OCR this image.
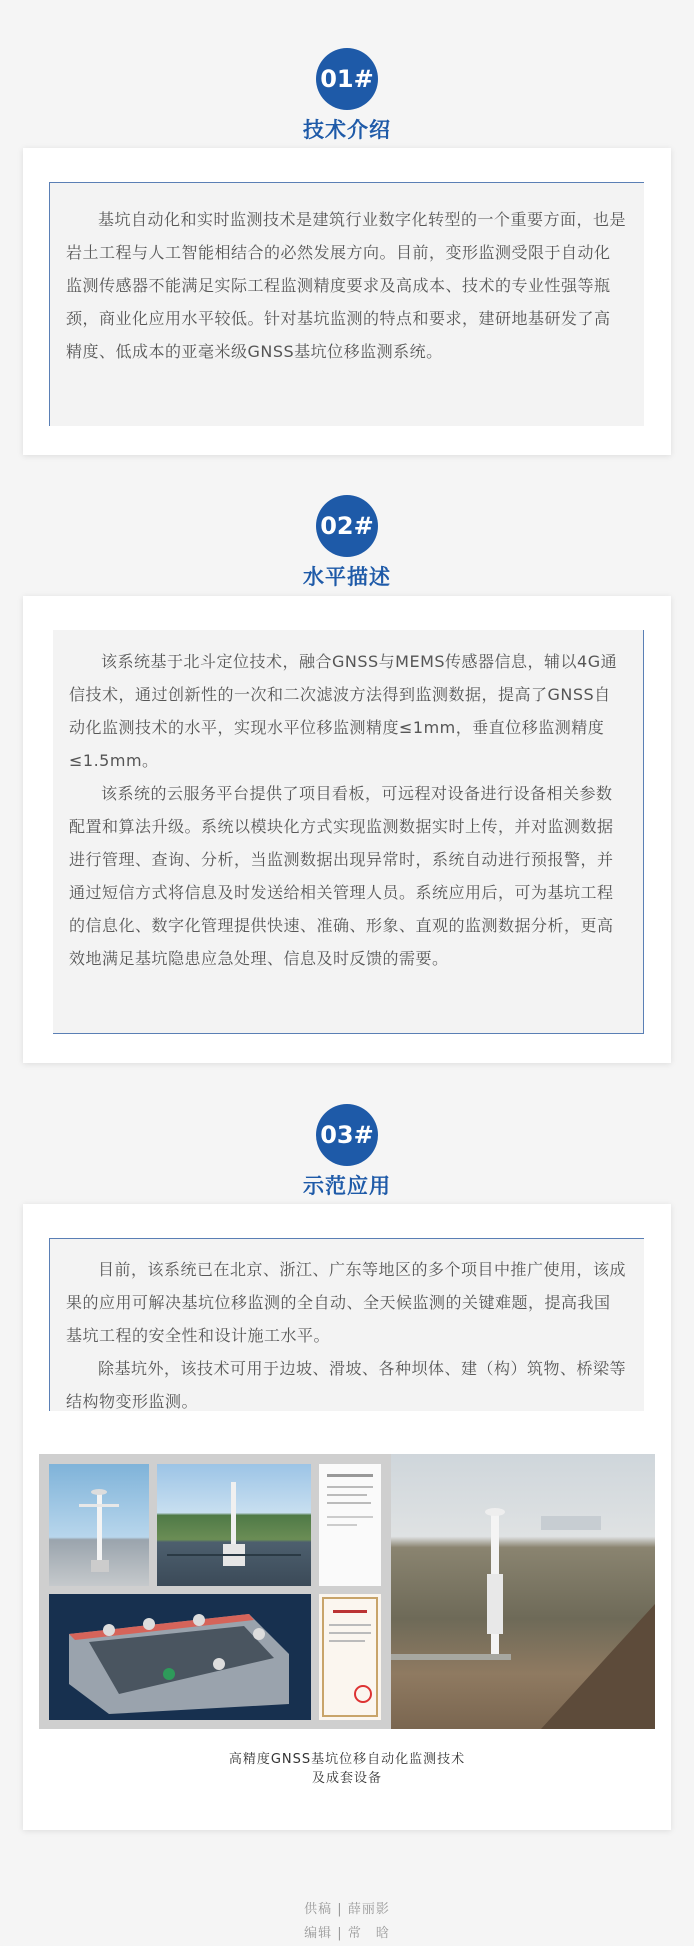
01#
技术介绍

基坑自动化和实时监测技术是建筑行业数字化转型的一个重要方面，也是岩土工程与人工智能相结合的必然发展方向。目前，变形监测受限于自动化监测传感器不能满足实际工程监测精度要求及高成本、技术的专业性强等瓶颈，商业化应用水平较低。针对基坑监测的特点和要求，建研地基研发了高精度、低成本的亚毫米级GNSS基坑位移监测系统。

02#
水平描述

该系统基于北斗定位技术，融合GNSS与MEMS传感器信息，辅以4G通信技术，通过创新性的一次和二次滤波方法得到监测数据，提高了GNSS自动化监测技术的水平，实现水平位移监测精度≤1mm，垂直位移监测精度≤1.5mm。

该系统的云服务平台提供了项目看板，可远程对设备进行设备相关参数配置和算法升级。系统以模块化方式实现监测数据实时上传，并对监测数据进行管理、查询、分析，当监测数据出现异常时，系统自动进行预报警，并通过短信方式将信息及时发送给相关管理人员。系统应用后，可为基坑工程的信息化、数字化管理提供快速、准确、形象、直观的监测数据分析，更高效地满足基坑隐患应急处理、信息及时反馈的需要。

03#
示范应用

目前，该系统已在北京、浙江、广东等地区的多个项目中推广使用，该成果的应用可解决基坑位移监测的全自动、全天候监测的关键难题，提高我国基坑工程的安全性和设计施工水平。

除基坑外，该技术可用于边坡、滑坡、各种坝体、建（构）筑物、桥梁等结构物变形监测。

高精度GNSS基坑位移自动化监测技术
及成套设备
供稿 | 薛丽影
编辑 | 常　晗
